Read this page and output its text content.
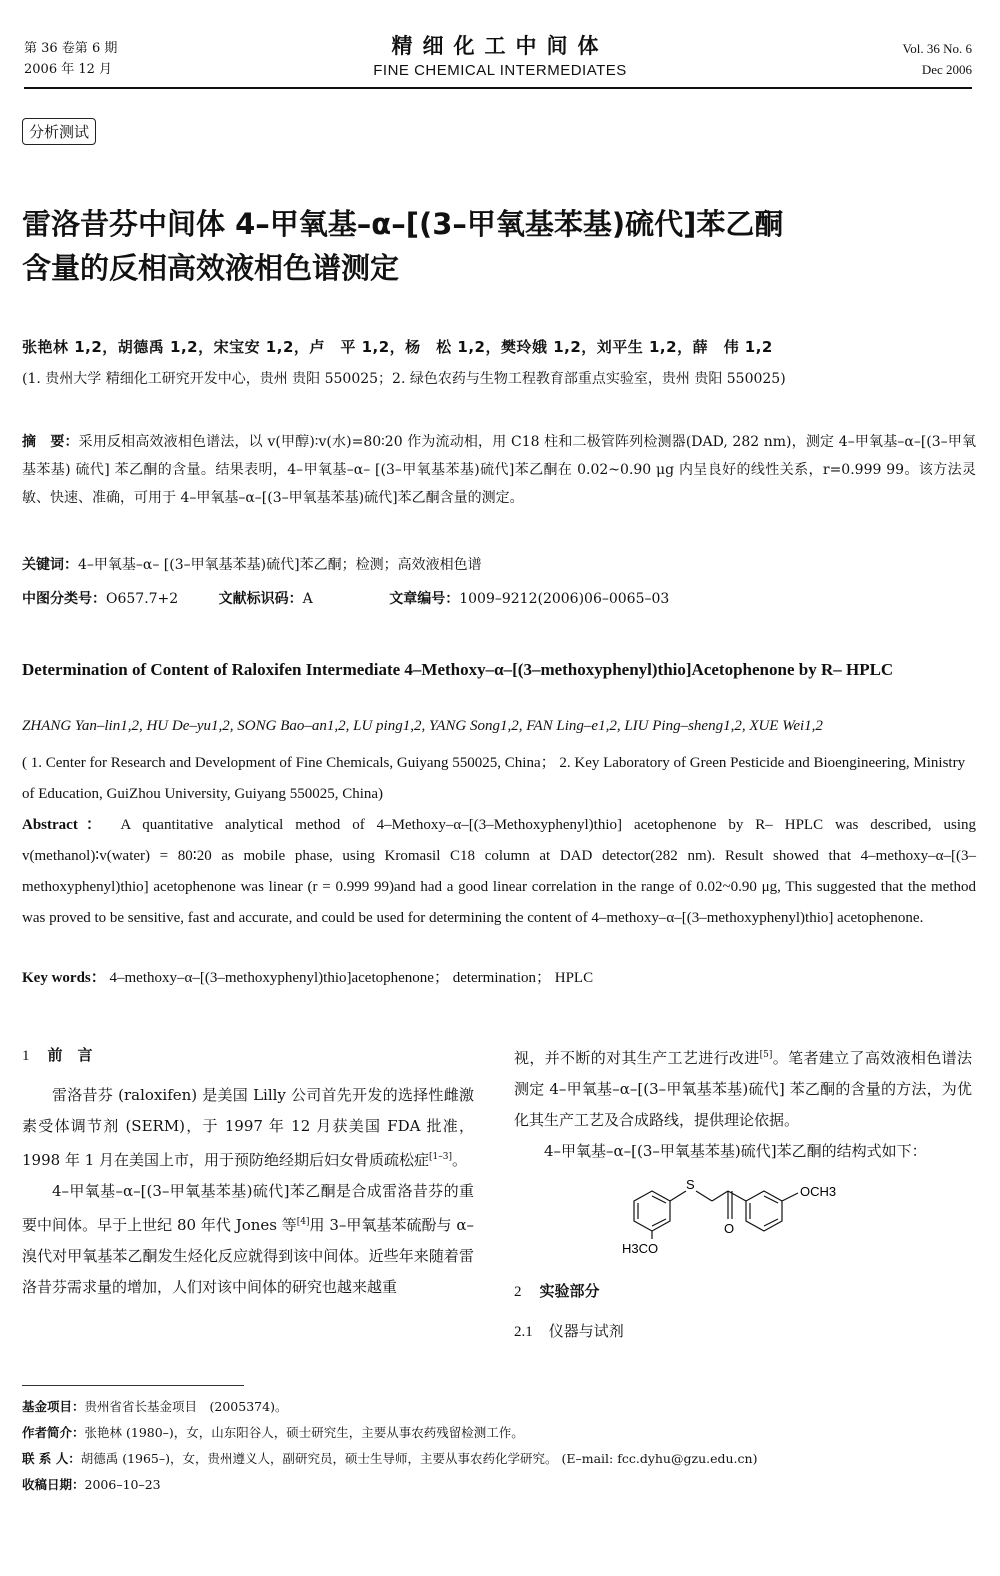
第 36 卷第 6 期
2006 年 12 月
精细化工中间体
FINE CHEMICAL INTERMEDIATES
Vol. 36 No. 6
Dec 2006
分析测试
雷洛昔芬中间体 4–甲氧基–α–[(3–甲氧基苯基)硫代]苯乙酮
含量的反相高效液相色谱测定
张艳林 1,2，胡德禹 1,2，宋宝安 1,2，卢　平 1,2，杨　松 1,2，樊玲娥 1,2，刘平生 1,2，薛　伟 1,2
(1. 贵州大学 精细化工研究开发中心，贵州 贵阳 550025；2. 绿色农药与生物工程教育部重点实验室，贵州 贵阳 550025)
摘　要：采用反相高效液相色谱法，以 v(甲醇)∶v(水)=80∶20 作为流动相，用 C18 柱和二极管阵列检测器(DAD, 282 nm)，测定 4–甲氧基–α–[(3–甲氧基苯基) 硫代] 苯乙酮的含量。结果表明，4–甲氧基–α– [(3–甲氧基苯基)硫代]苯乙酮在 0.02~0.90 μg 内呈良好的线性关系，r=0.999 99。该方法灵敏、快速、准确，可用于 4–甲氧基–α–[(3–甲氧基苯基)硫代]苯乙酮含量的测定。
关键词：4–甲氧基–α– [(3–甲氧基苯基)硫代]苯乙酮；检测；高效液相色谱
中图分类号：O657.7+2	文献标识码：A	文章编号：1009–9212(2006)06–0065–03
Determination of Content of Raloxifen Intermediate 4–Methoxy–α–[(3–methoxyphenyl)thio]Acetophenone by R– HPLC
ZHANG Yan–lin1,2, HU De–yu1,2, SONG Bao–an1,2, LU ping1,2, YANG Song1,2, FAN Ling–e1,2, LIU Ping–sheng1,2, XUE Wei1,2
( 1. Center for Research and Development of Fine Chemicals, Guiyang 550025, China； 2. Key Laboratory of Green Pesticide and Bioengineering, Ministry of Education, GuiZhou University, Guiyang 550025, China)
Abstract： A quantitative analytical method of 4–Methoxy–α–[(3–Methoxyphenyl)thio] acetophenone by R– HPLC was described, using v(methanol)∶v(water) = 80∶20 as mobile phase, using Kromasil C18 column at DAD detector(282 nm). Result showed that 4–methoxy–α–[(3–methoxyphenyl)thio] acetophenone was linear (r = 0.999 99)and had a good linear correlation in the range of 0.02~0.90 μg, This suggested that the method was proved to be sensitive, fast and accurate, and could be used for determining the content of 4–methoxy–α–[(3–methoxyphenyl)thio] acetophenone.
Key words： 4–methoxy–α–[(3–methoxyphenyl)thio]acetophenone； determination； HPLC
1 前　言

雷洛昔芬 (raloxifen) 是美国 Lilly 公司首先开发的选择性雌激素受体调节剂 (SERM)，于 1997 年 12 月获美国 FDA 批准，1998 年 1 月在美国上市，用于预防绝经期后妇女骨质疏松症[1–3]。

4–甲氧基–α–[(3–甲氧基苯基)硫代]苯乙酮是合成雷洛昔芬的重要中间体。早于上世纪 80 年代 Jones 等[4]用 3–甲氧基苯硫酚与 α–溴代对甲氧基苯乙酮发生烃化反应就得到该中间体。近些年来随着雷洛昔芬需求量的增加，人们对该中间体的研究也越来越重

视，并不断的对其生产工艺进行改进[5]。笔者建立了高效液相色谱法测定 4–甲氧基–α–[(3–甲氧基苯基)硫代] 苯乙酮的含量的方法，为优化其生产工艺及合成路线，提供理论依据。

4–甲氧基–α–[(3–甲氧基苯基)硫代]苯乙酮的结构式如下：

S	OCH3
H3CO
O
2 实验部分
2.1 仪器与试剂
基金项目：贵州省省长基金项目　(2005374)。
作者简介：张艳林 (1980–)，女，山东阳谷人，硕士研究生，主要从事农药残留检测工作。
联 系 人：胡德禹 (1965–)，女，贵州遵义人，副研究员，硕士生导师，主要从事农药化学研究。 (E–mail: fcc.dyhu@gzu.edu.cn)
收稿日期：2006–10–23
